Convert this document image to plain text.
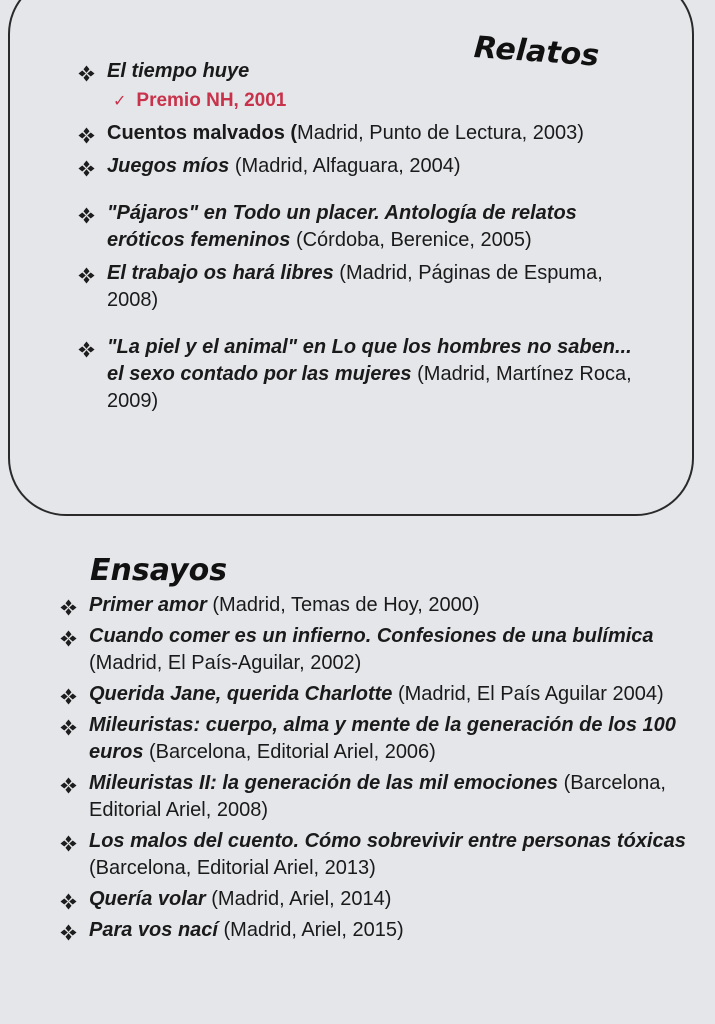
Relatos
El tiempo huye
✓ Premio NH, 2001
Cuentos malvados (Madrid, Punto de Lectura, 2003)
Juegos míos (Madrid, Alfaguara, 2004)
"Pájaros" en Todo un placer. Antología de relatos eróticos femeninos (Córdoba, Berenice, 2005)
El trabajo os hará libres (Madrid, Páginas de Espuma, 2008)
"La piel y el animal" en Lo que los hombres no saben... el sexo contado por las mujeres (Madrid, Martínez Roca, 2009)
Ensayos
Primer amor (Madrid, Temas de Hoy, 2000)
Cuando comer es un infierno. Confesiones de una bulímica (Madrid, El País-Aguilar, 2002)
Querida Jane, querida Charlotte (Madrid, El País Aguilar 2004)
Mileuristas: cuerpo, alma y mente de la generación de los 100 euros (Barcelona, Editorial Ariel, 2006)
Mileuristas II: la generación de las mil emociones (Barcelona, Editorial Ariel, 2008)
Los malos del cuento. Cómo sobrevivir entre personas tóxicas (Barcelona, Editorial Ariel, 2013)
Quería volar (Madrid, Ariel, 2014)
Para vos nací (Madrid, Ariel, 2015)
